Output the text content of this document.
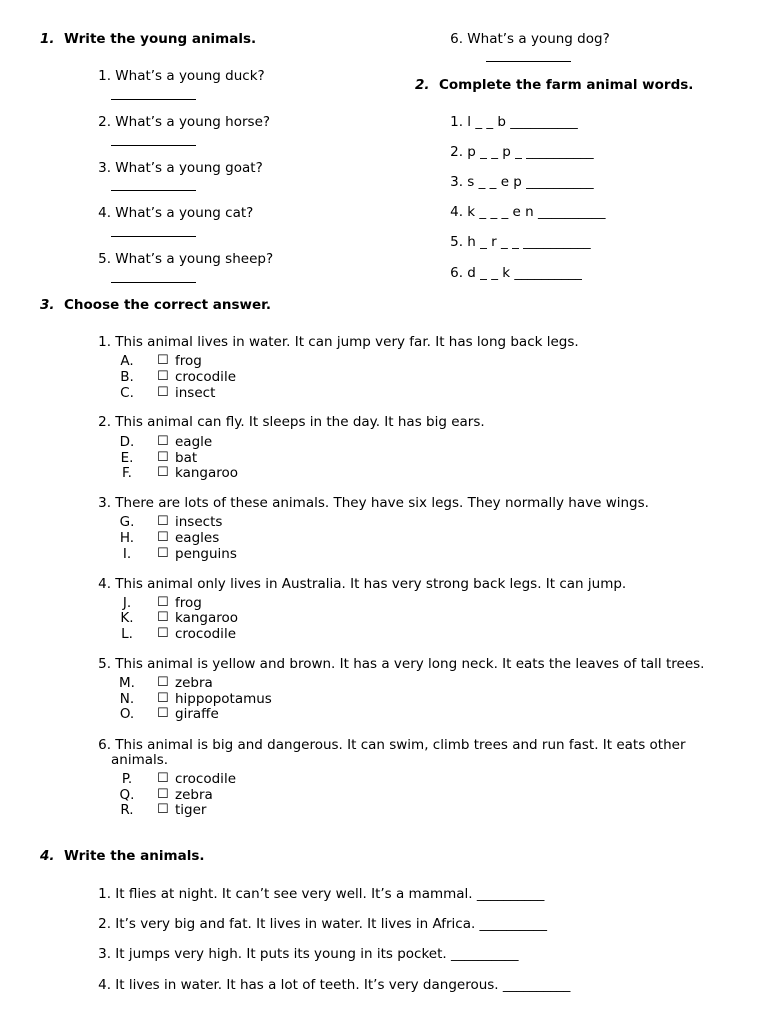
1. Write the young animals.
1. What’s a young duck?
2. What’s a young horse?
3. What’s a young goat?
4. What’s a young cat?
5. What’s a young sheep?
6. What’s a young dog?
2. Complete the farm animal words.
1. l _ _ b __________
2. p _ _ p _ __________
3. s _ _ e p __________
4. k _ _ _ e n __________
5. h _ r _ _ __________
6. d _ _ k __________
3. Choose the correct answer.
1. This animal lives in water. It can jump very far. It has long back legs.
A.	☐ frog
B.	☐ crocodile
C.	☐ insect
2. This animal can fly. It sleeps in the day. It has big ears.
D.	☐ eagle
E.	☐ bat
F.	☐ kangaroo
3. There are lots of these animals. They have six legs. They normally have wings.
G.	☐ insects
H.	☐ eagles
I.	☐ penguins
4. This animal only lives in Australia. It has very strong back legs. It can jump.
J.	☐ frog
K.	☐ kangaroo
L.	☐ crocodile
5. This animal is yellow and brown. It has a very long neck. It eats the leaves of tall trees.
M.	☐ zebra
N.	☐ hippopotamus
O.	☐ giraffe
6. This animal is big and dangerous. It can swim, climb trees and run fast. It eats other
animals.
P.	☐ crocodile
Q.	☐ zebra
R.	☐ tiger
4. Write the animals.
1. It flies at night. It can’t see very well. It’s a mammal. __________
2. It’s very big and fat. It lives in water. It lives in Africa. __________
3. It jumps very high. It puts its young in its pocket. __________
4. It lives in water. It has a lot of teeth. It’s very dangerous. __________
